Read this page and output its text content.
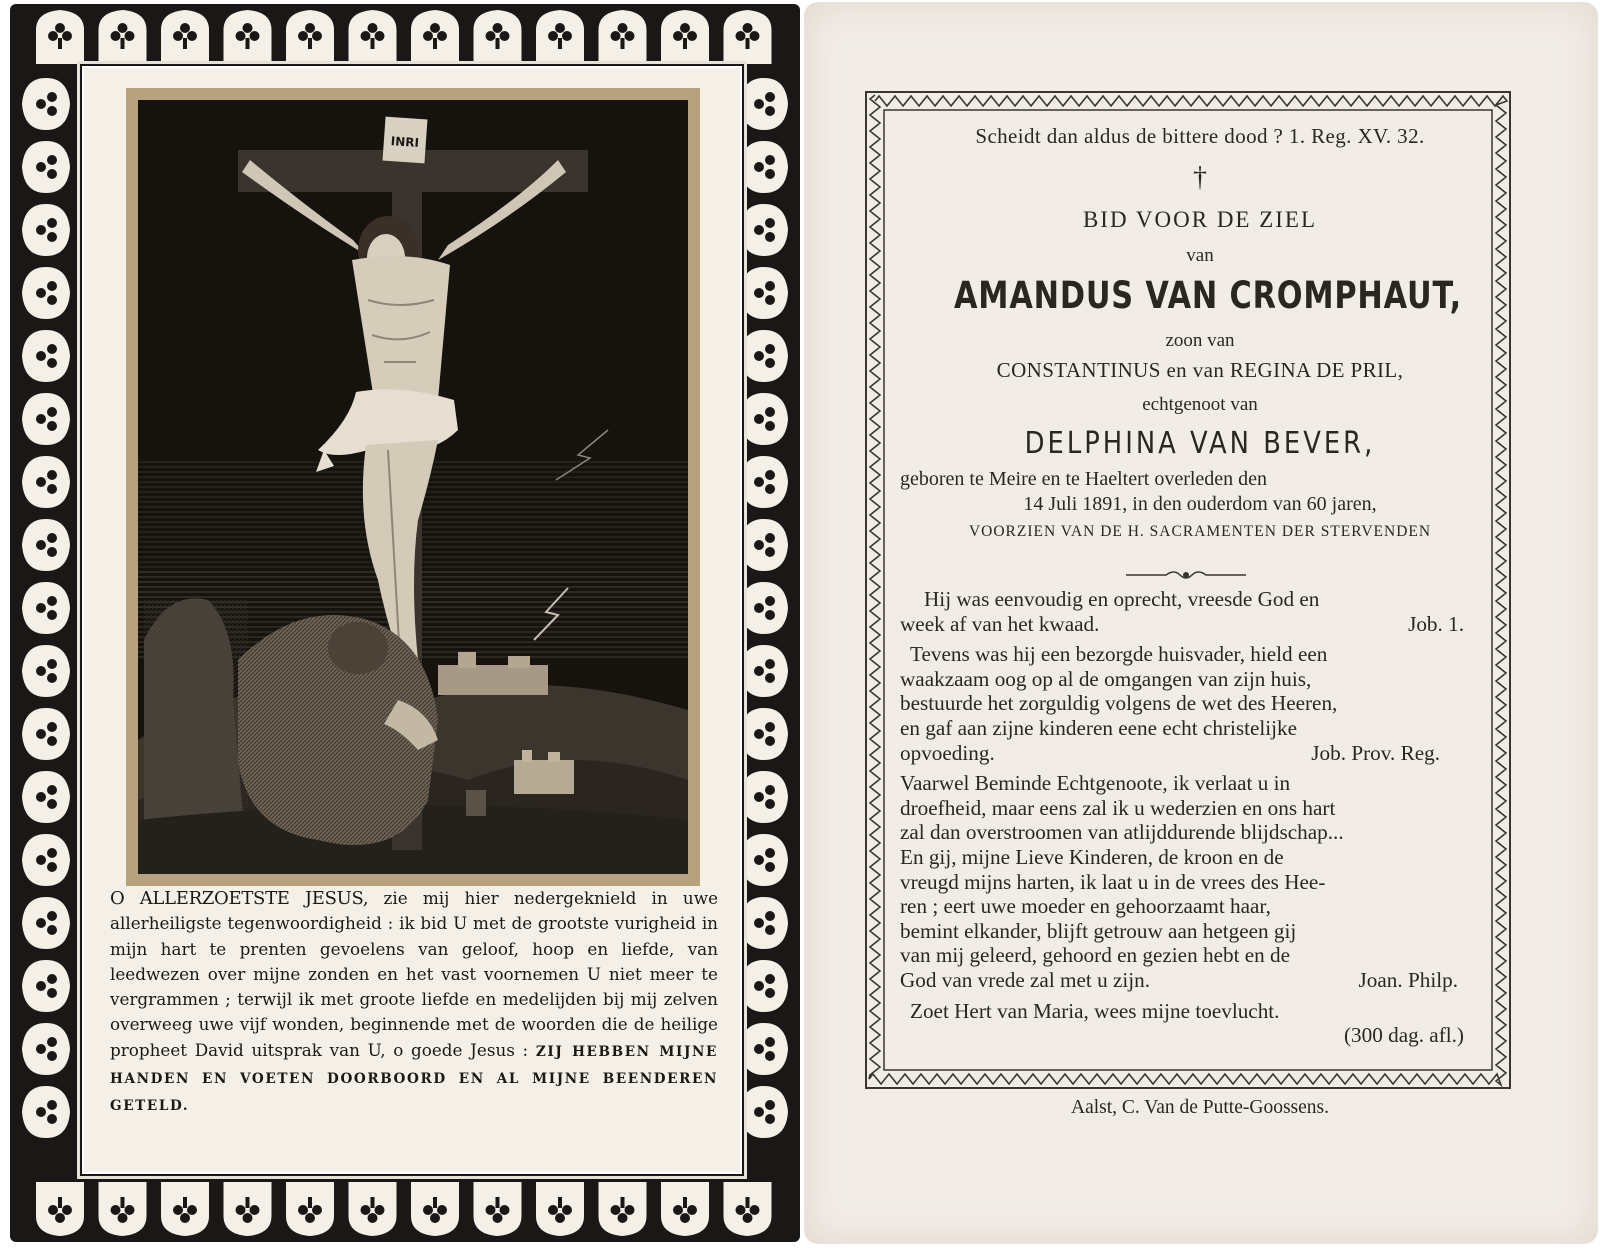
INRI
O ALLERZOETSTE JESUS, zie mij hier nedergeknield in uwe allerheiligste tegenwoordigheid : ik bid U met de grootste vurigheid in mijn hart te prenten gevoelens van geloof, hoop en liefde, van leedwezen over mijne zonden en het vast voornemen U niet meer te vergrammen ; terwijl ik met groote liefde en medelijden bij mij zelven overweeg uwe vijf wonden, beginnende met de woorden die de heilige propheet David uitsprak van U, o goede Jesus : ZIJ HEBBEN MIJNE HANDEN EN VOETEN DOORBOORD EN AL MIJNE BEENDEREN GETELD.
Scheidt dan aldus de bittere dood ? 1. Reg. XV. 32.
†
BID VOOR DE ZIEL
van
AMANDUS VAN CROMPHAUT,
zoon van
CONSTANTINUS en van REGINA DE PRIL,
echtgenoot van
DELPHINA VAN BEVER,
geboren te Meire en te Haeltert overleden den
14 Juli 1891, in den ouderdom van 60 jaren,
VOORZIEN VAN DE H. SACRAMENTEN DER STERVENDEN
Hij was eenvoudig en oprecht, vreesde God en
week af van het kwaad.	Job. 1.
Tevens was hij een bezorgde huisvader, hield een
waakzaam oog op al de omgangen van zijn huis,
bestuurde het zorguldig volgens de wet des Heeren,
en gaf aan zijne kinderen eene echt christelijke
opvoeding.	Job. Prov. Reg.
Vaarwel Beminde Echtgenoote, ik verlaat u in
droefheid, maar eens zal ik u wederzien en ons hart
zal dan overstroomen van atlijddurende blijdschap...
En gij, mijne Lieve Kinderen, de kroon en de
vreugd mijns harten, ik laat u in de vrees des Hee-
ren ; eert uwe moeder en gehoorzaamt haar,
bemint elkander, blijft getrouw aan hetgeen gij
van mij geleerd, gehoord en gezien hebt en de
God van vrede zal met u zijn.	Joan. Philp.
Zoet Hert van Maria, wees mijne toevlucht.
(300 dag. afl.)
Aalst, C. Van de Putte-Goossens.
